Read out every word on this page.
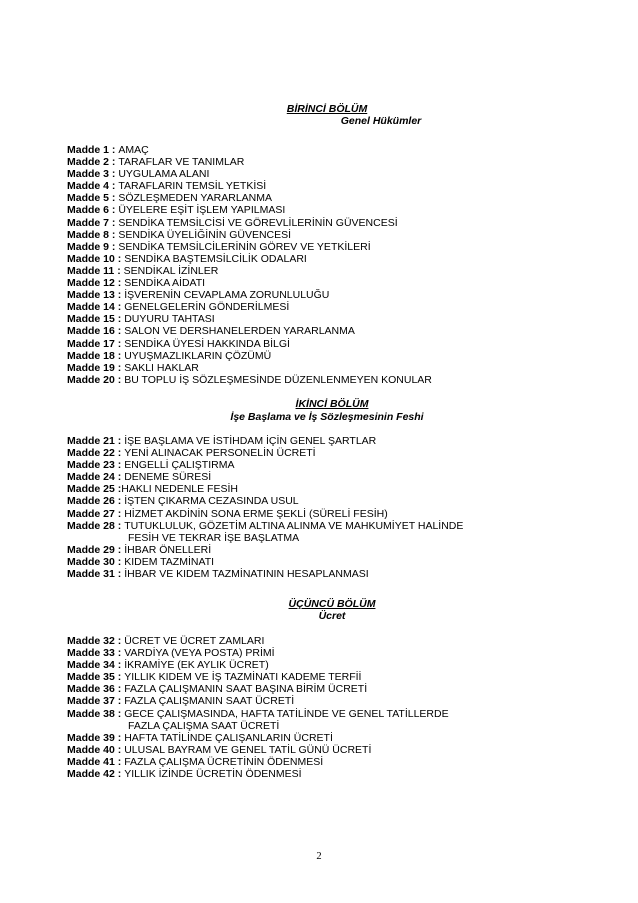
BİRİNCİ BÖLÜM

Genel Hükümler

Madde 1 : AMAÇ
Madde 2 : TARAFLAR VE TANIMLAR
Madde 3 : UYGULAMA ALANI
Madde 4 : TARAFLARIN TEMSİL YETKİSİ
Madde 5 : SÖZLEŞMEDEN YARARLANMA
Madde 6 : ÜYELERE EŞİT İŞLEM YAPILMASI
Madde 7 : SENDİKA TEMSİLCİSİ VE GÖREVLİLERİNİN GÜVENCESİ
Madde 8 : SENDİKA ÜYELİĞİNİN GÜVENCESİ
Madde 9 : SENDİKA TEMSİLCİLERİNİN GÖREV VE YETKİLERİ
Madde 10 : SENDİKA BAŞTEMSİLCİLİK ODALARI
Madde 11 : SENDİKAL İZİNLER
Madde 12 : SENDİKA AİDATI
Madde 13 : İŞVERENİN CEVAPLAMA ZORUNLULUĞU
Madde 14 : GENELGELERİN GÖNDERİLMESİ
Madde 15 : DUYURU TAHTASI
Madde 16 : SALON VE DERSHANELERDEN YARARLANMA
Madde 17 : SENDİKA ÜYESİ HAKKINDA BİLGİ
Madde 18 : UYUŞMAZLIKLARIN ÇÖZÜMÜ
Madde 19 : SAKLI HAKLAR
Madde 20 : BU TOPLU İŞ SÖZLEŞMESİNDE DÜZENLENMEYEN KONULAR

İKİNCİ BÖLÜM

İşe Başlama ve İş Sözleşmesinin Feshi

Madde 21 : İŞE BAŞLAMA VE İSTİHDAM İÇİN GENEL ŞARTLAR
Madde 22 : YENİ ALINACAK PERSONELİN ÜCRETİ
Madde 23 : ENGELLİ ÇALIŞTIRMA
Madde 24 : DENEME SÜRESİ
Madde 25 : HAKLI NEDENLE FESİH
Madde 26 : İŞTEN ÇIKARMA CEZASINDA USUL
Madde 27 : HİZMET AKDİNİN SONA ERME ŞEKLİ (SÜRELİ FESİH)
Madde 28 : TUTUKLULUK, GÖZETİM ALTINA ALINMA VE MAHKUMİYET HALİNDE
FESİH VE TEKRAR İŞE BAŞLATMA
Madde 29 : İHBAR ÖNELLERİ
Madde 30 : KIDEM TAZMİNATI
Madde 31 : İHBAR VE KIDEM TAZMİNATININ HESAPLANMASI

ÜÇÜNCÜ BÖLÜM

Ücret

Madde 32 : ÜCRET VE ÜCRET ZAMLARI
Madde 33 : VARDİYA (VEYA POSTA) PRİMİ
Madde 34 : İKRAMİYE (EK AYLIK ÜCRET)
Madde 35 : YILLIK KIDEM VE İŞ TAZMİNATI KADEME TERFİİ
Madde 36 : FAZLA ÇALIŞMANIN SAAT BAŞINA BİRİM ÜCRETİ
Madde 37 : FAZLA ÇALIŞMANIN SAAT ÜCRETİ
Madde 38 : GECE ÇALIŞMASINDA, HAFTA TATİLİNDE VE GENEL TATİLLERDE
FAZLA ÇALIŞMA SAAT ÜCRETİ
Madde 39 : HAFTA TATİLİNDE ÇALIŞANLARIN ÜCRETİ
Madde 40 : ULUSAL BAYRAM VE GENEL TATİL GÜNÜ ÜCRETİ
Madde 41 : FAZLA ÇALIŞMA ÜCRETİNİN ÖDENMESİ
Madde 42 : YILLIK İZİNDE ÜCRETİN ÖDENMESİ
2
